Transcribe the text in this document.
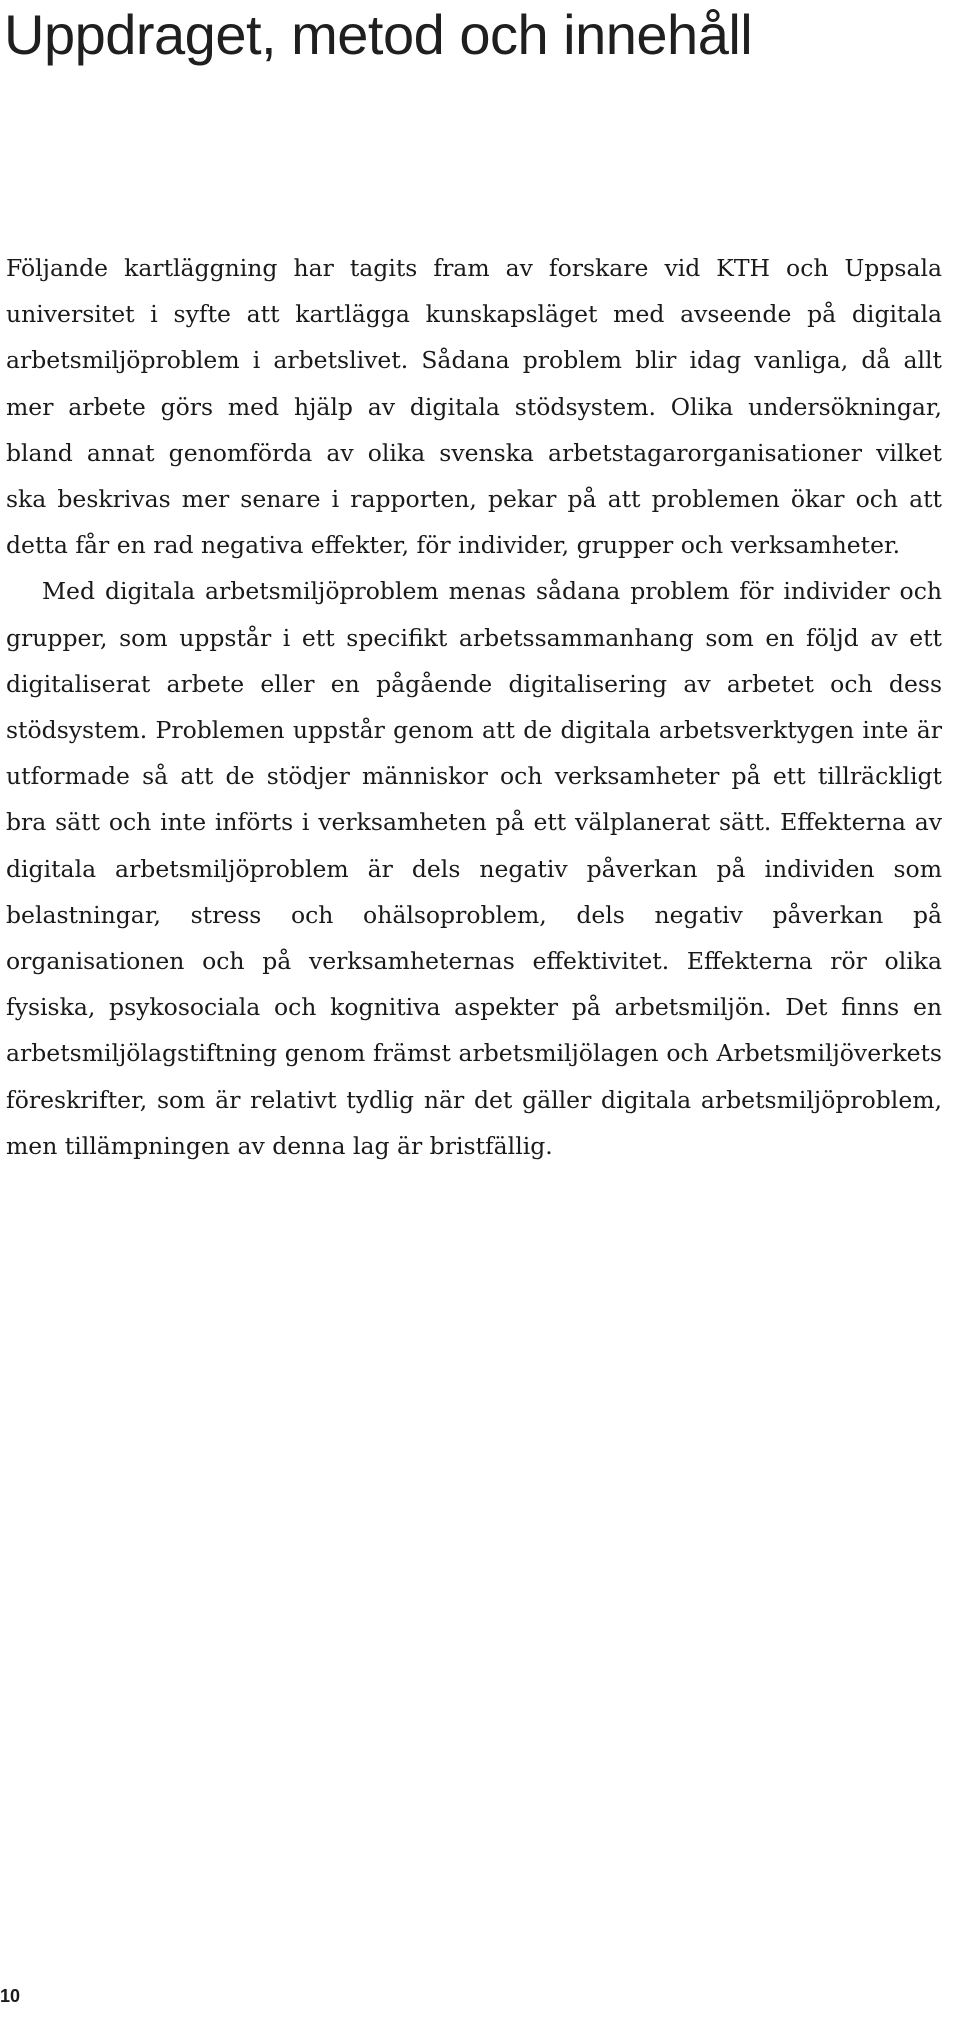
Uppdraget, metod och innehåll

Följande kartläggning har tagits fram av forskare vid KTH och Uppsala universitet i syfte att kartlägga kunskapsläget med avseende på digitala arbetsmiljöproblem i arbetslivet. Sådana problem blir idag vanliga, då allt mer arbete görs med hjälp av digitala stödsystem. Olika undersökningar, bland annat genomförda av olika svenska arbetstagarorganisationer vilket ska beskrivas mer senare i rapporten, pekar på att problemen ökar och att detta får en rad negativa effekter, för individer, grupper och verksamheter.

Med digitala arbetsmiljöproblem menas sådana problem för individer och grupper, som uppstår i ett specifikt arbetssammanhang som en följd av ett digitaliserat arbete eller en pågående digitalisering av arbetet och dess stödsystem. Problemen uppstår genom att de digitala arbetsverktygen inte är utformade så att de stödjer människor och verksamheter på ett tillräckligt bra sätt och inte införts i verksamheten på ett välplanerat sätt. Effekterna av digitala arbetsmiljöproblem är dels negativ påverkan på individen som belastningar, stress och ohälsoproblem, dels negativ påverkan på organisationen och på verksamheternas effektivitet. Effekterna rör olika fysiska, psykosociala och kognitiva aspekter på arbetsmiljön. Det finns en arbetsmiljölagstiftning genom främst arbetsmiljölagen och Arbetsmiljöverkets föreskrifter, som är relativt tydlig när det gäller digitala arbetsmiljöproblem, men tillämpningen av denna lag är bristfällig.

10
